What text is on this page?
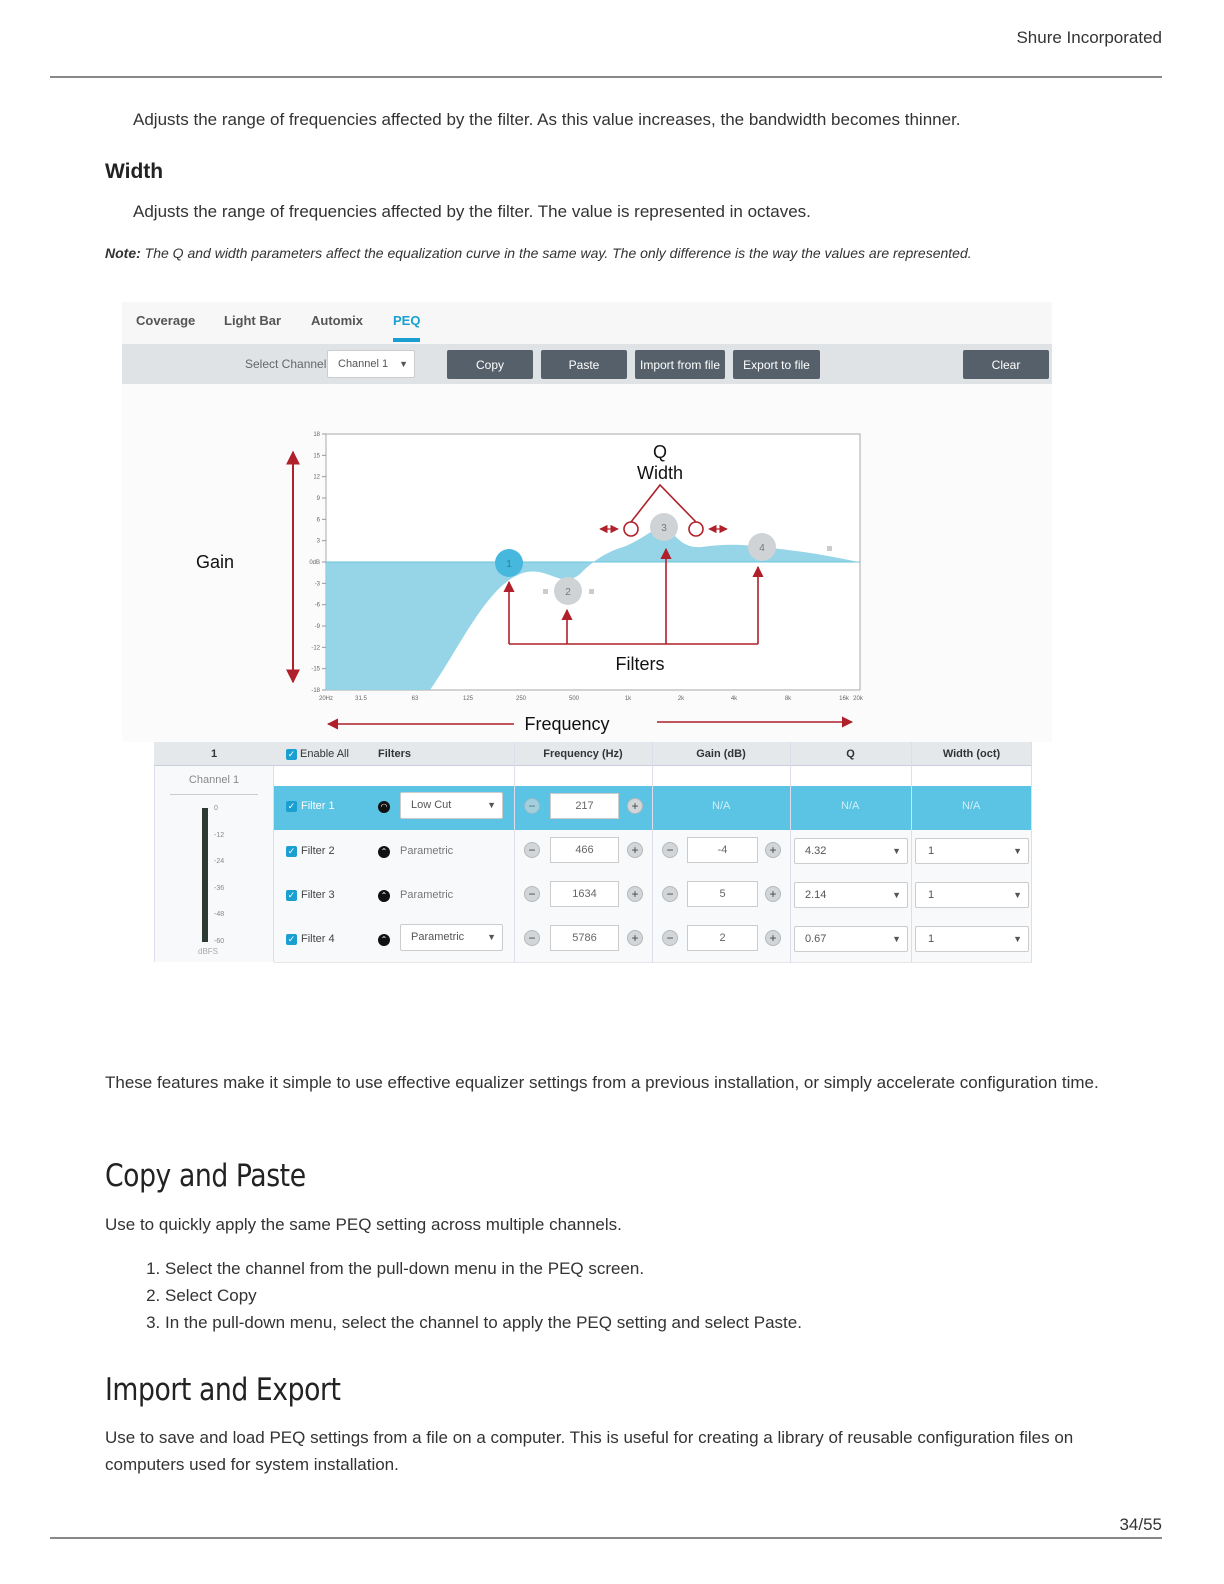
Shure Incorporated
Adjusts the range of frequencies affected by the filter. As this value increases, the bandwidth becomes thinner.
Width
Adjusts the range of frequencies affected by the filter. The value is represented in octaves.
Note: The Q and width parameters affect the equalization curve in the same way. The only difference is the way the values are represented.
Coverage Light Bar Automix PEQ
Select Channel	Channel 1 ▼	Copy	Paste	Import from file	Export to file	Clear
18
15
12
9
6
3
0dB
-3
-6
-9
-12
-15
-18
20Hz	31.5	63	125	250	500	1k	2k	4k	8k	16k 20k
1
2
3
4
Q
Width
Gain
Filters
Frequency
1	✓ Enable All	Filters	Frequency (Hz)	Gain (dB)	Q	Width (oct)
Channel 1
0
-12
-24
-36
-48
-60
dBFS
✓ Filter 1	◠	Low Cut	▼	−	217	+	N/A	N/A	N/A
✓ Filter 2	⌃ Parametric	−	466	+	−	-4	+	4.32	▼	1	▼
✓ Filter 3	⌃ Parametric	−	1634	+	−	5	+	2.14	▼	1	▼
✓ Filter 4	⌃	Parametric	▼	−	5786	+	−	2	+	0.67	▼	1	▼
These features make it simple to use effective equalizer settings from a previous installation, or simply accelerate configuration time.
Copy and Paste
Use to quickly apply the same PEQ setting across multiple channels.
1. Select the channel from the pull-down menu in the PEQ screen.
2. Select Copy
3. In the pull-down menu, select the channel to apply the PEQ setting and select Paste.
Import and Export
Use to save and load PEQ settings from a file on a computer. This is useful for creating a library of reusable configuration files on computers used for system installation.
34/55
